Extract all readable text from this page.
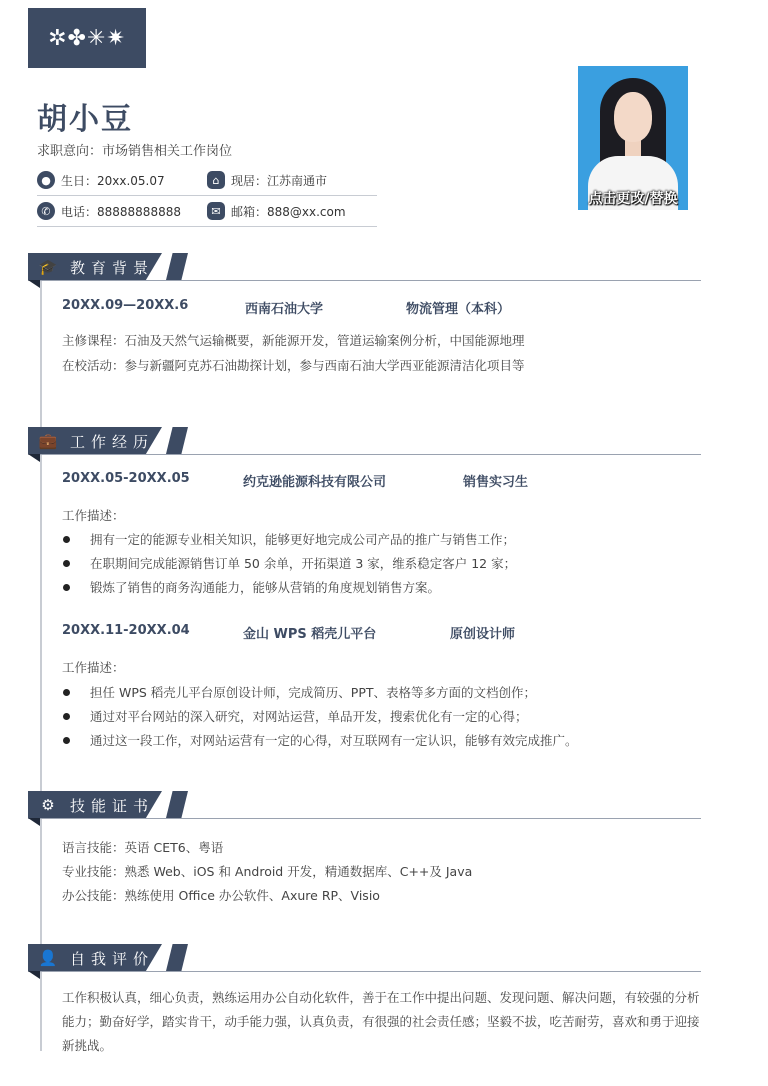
✲✤✳✷
胡小豆
求职意向：市场销售相关工作岗位
● 生日：20xx.05.07	⌂ 现居：江苏南通市
✆ 电话：88888888888	✉ 邮箱：888@xx.com
点击更改/替换
🎓 教育背景
20XX.09—20XX.6	西南石油大学	物流管理（本科）
主修课程：石油及天然气运输概要，新能源开发，管道运输案例分析，中国能源地理
在校活动：参与新疆阿克苏石油勘探计划，参与西南石油大学西亚能源清洁化项目等
💼 工作经历
20XX.05-20XX.05	约克逊能源科技有限公司	销售实习生
工作描述：
拥有一定的能源专业相关知识，能够更好地完成公司产品的推广与销售工作；
在职期间完成能源销售订单 50 余单，开拓渠道 3 家，维系稳定客户 12 家；
锻炼了销售的商务沟通能力，能够从营销的角度规划销售方案。
20XX.11-20XX.04	金山 WPS 稻壳儿平台	原创设计师
工作描述：
担任 WPS 稻壳儿平台原创设计师，完成简历、PPT、表格等多方面的文档创作；
通过对平台网站的深入研究，对网站运营，单品开发，搜索优化有一定的心得；
通过这一段工作，对网站运营有一定的心得，对互联网有一定认识，能够有效完成推广。
⚙ 技能证书
语言技能：英语 CET6、粤语
专业技能：熟悉 Web、iOS 和 Android 开发，精通数据库、C++及 Java
办公技能：熟练使用 Office 办公软件、Axure RP、Visio
👤 自我评价
工作积极认真，细心负责，熟练运用办公自动化软件，善于在工作中提出问题、发现问题、解决问题，有较强的分析能力；勤奋好学，踏实肯干，动手能力强，认真负责，有很强的社会责任感；坚毅不拔，吃苦耐劳，喜欢和勇于迎接新挑战。
